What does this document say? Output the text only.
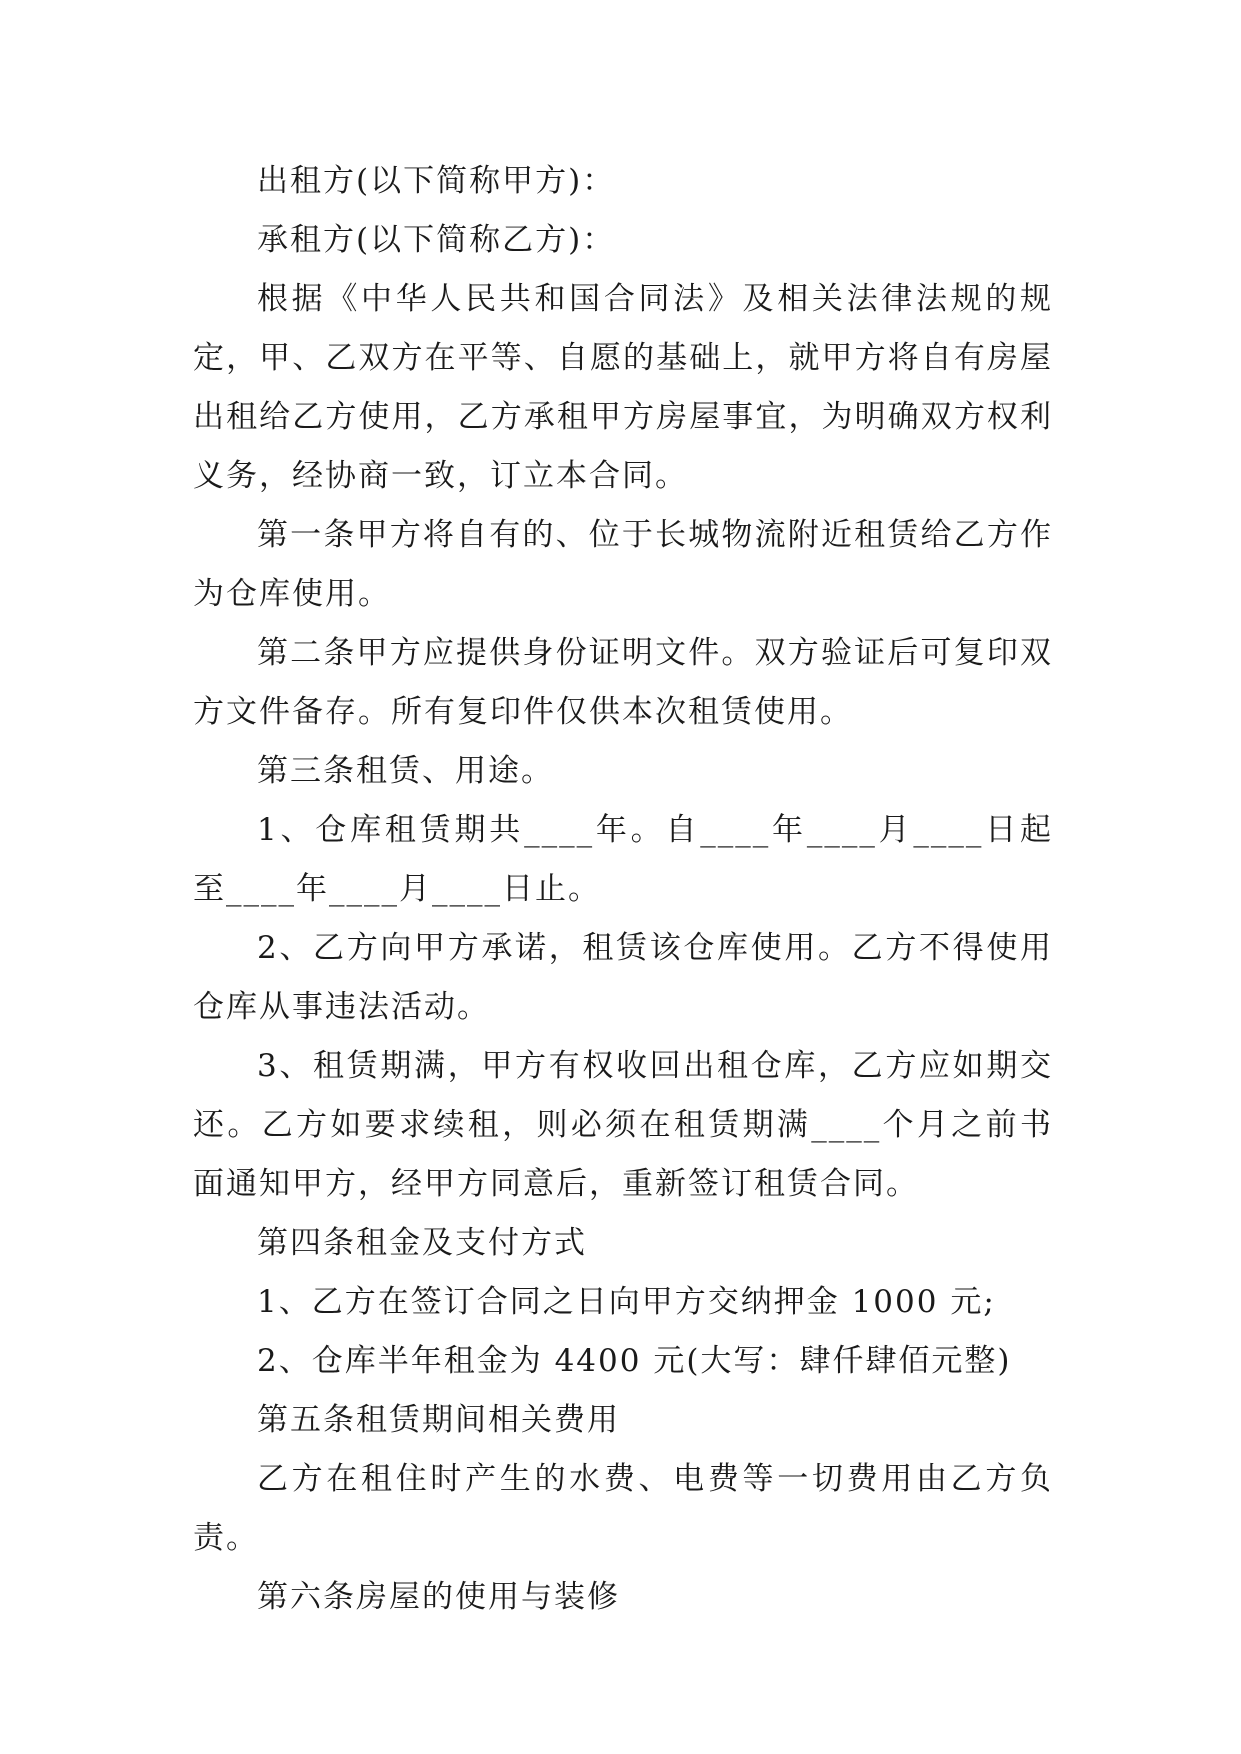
出租方(以下简称甲方)：

承租方(以下简称乙方)：

根据《中华人民共和国合同法》及相关法律法规的规定，甲、乙双方在平等、自愿的基础上，就甲方将自有房屋出租给乙方使用，乙方承租甲方房屋事宜，为明确双方权利义务，经协商一致，订立本合同。

第一条甲方将自有的、位于长城物流附近租赁给乙方作为仓库使用。

第二条甲方应提供身份证明文件。双方验证后可复印双方文件备存。所有复印件仅供本次租赁使用。

第三条租赁、用途。

1、仓库租赁期共____年。自____年____月____日起至____年____月____日止。

2、乙方向甲方承诺，租赁该仓库使用。乙方不得使用仓库从事违法活动。

3、租赁期满，甲方有权收回出租仓库，乙方应如期交还。乙方如要求续租，则必须在租赁期满____个月之前书面通知甲方，经甲方同意后，重新签订租赁合同。

第四条租金及支付方式

1、乙方在签订合同之日向甲方交纳押金 1000 元;

2、仓库半年租金为 4400 元(大写：肆仟肆佰元整)

第五条租赁期间相关费用

乙方在租住时产生的水费、电费等一切费用由乙方负责。

第六条房屋的使用与装修
